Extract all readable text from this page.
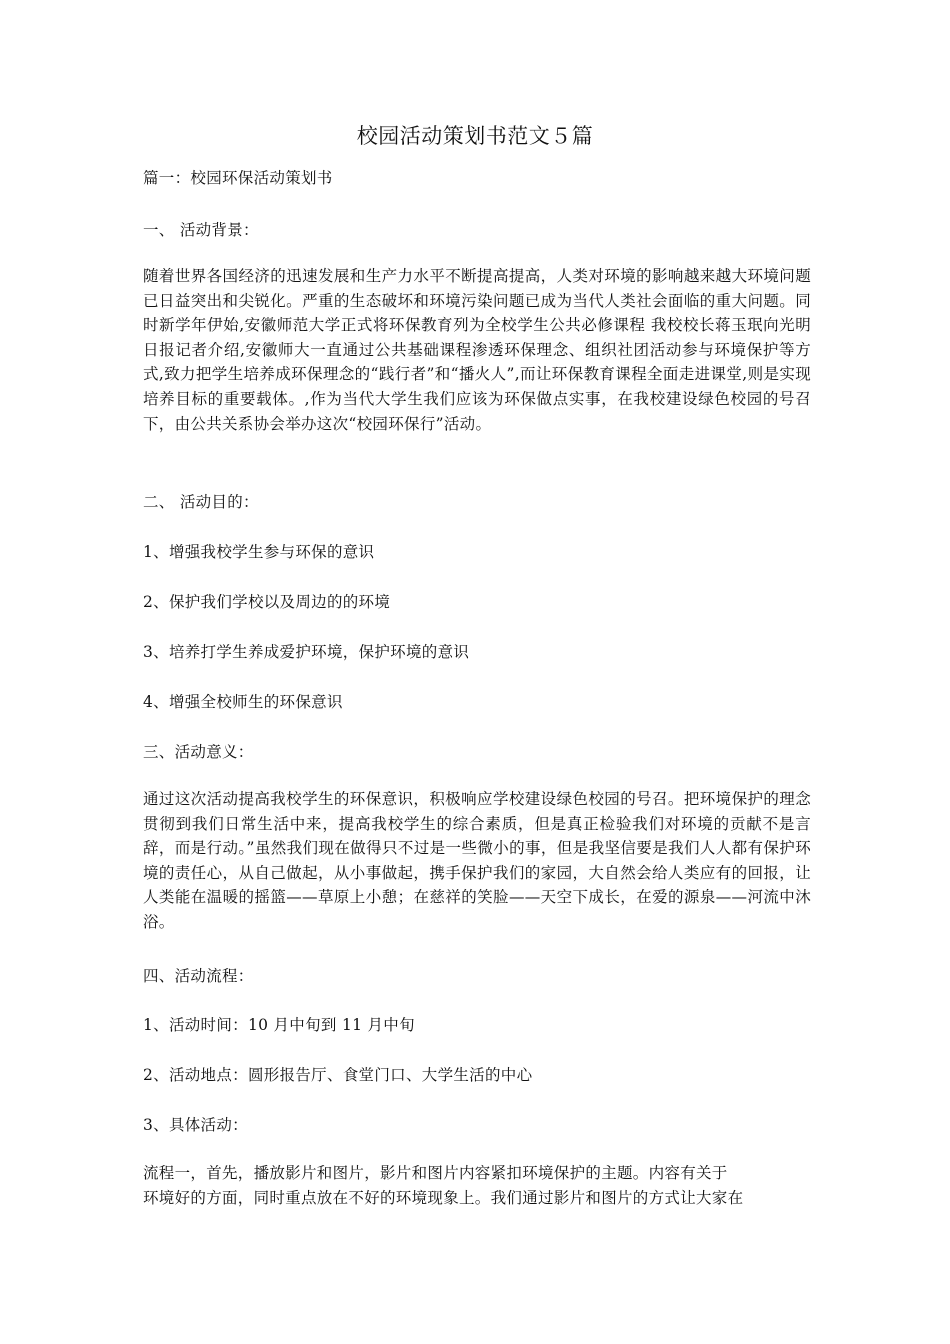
校园活动策划书范文５篇
篇一：校园环保活动策划书
一、 活动背景：
随着世界各国经济的迅速发展和生产力水平不断提高提高，人类对环境的影响越来越大环境问题已日益突出和尖锐化。严重的生态破坏和环境污染问题已成为当代人类社会面临的重大问题。同时新学年伊始,安徽师范大学正式将环保教育列为全校学生公共必修课程 我校校长蒋玉珉向光明日报记者介绍,安徽师大一直通过公共基础课程渗透环保理念、组织社团活动参与环境保护等方式,致力把学生培养成环保理念的“践行者”和“播火人”,而让环保教育课程全面走进课堂,则是实现培养目标的重要载体。,作为当代大学生我们应该为环保做点实事，在我校建设绿色校园的号召下，由公共关系协会举办这次“校园环保行”活动。
二、 活动目的：
1、增强我校学生参与环保的意识
2、保护我们学校以及周边的的环境
3、培养打学生养成爱护环境，保护环境的意识
4、增强全校师生的环保意识
三、活动意义：
通过这次活动提高我校学生的环保意识，积极响应学校建设绿色校园的号召。把环境保护的理念贯彻到我们日常生活中来，提高我校学生的综合素质，但是真正检验我们对环境的贡献不是言辞，而是行动。”虽然我们现在做得只不过是一些微小的事，但是我坚信要是我们人人都有保护环境的责任心，从自己做起，从小事做起，携手保护我们的家园，大自然会给人类应有的回报，让人类能在温暖的摇篮——草原上小憩；在慈祥的笑脸——天空下成长，在爱的源泉——河流中沐浴。
四、活动流程：
1、活动时间：10 月中旬到 11 月中旬
2、活动地点：圆形报告厅、食堂门口、大学生活的中心
3、具体活动：
流程一，首先，播放影片和图片，影片和图片内容紧扣环境保护的主题。内容有关于
环境好的方面，同时重点放在不好的环境现象上。我们通过影片和图片的方式让大家在
